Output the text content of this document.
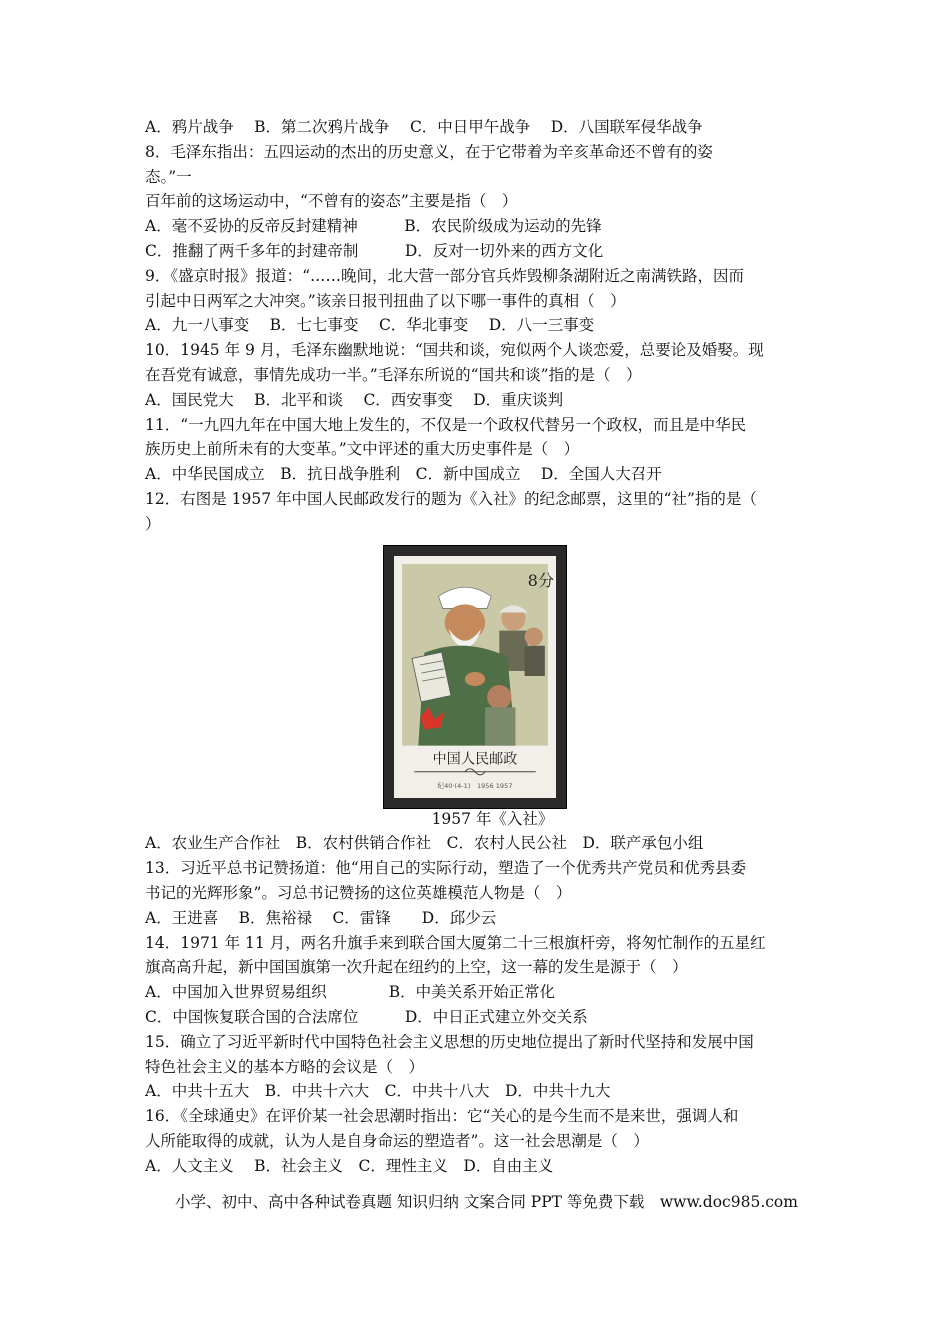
A．鸦片战争　 B．第二次鸦片战争　 C．中日甲午战争　 D．八国联军侵华战争
8．毛泽东指出：五四运动的杰出的历史意义，在于它带着为辛亥革命还不曾有的姿
态。”一
百年前的这场运动中，“不曾有的姿态”主要是指（　）
A．毫不妥协的反帝反封建精神　　　B．农民阶级成为运动的先锋
C．推翻了两千多年的封建帝制　　　D．反对一切外来的西方文化
9．《盛京时报》报道：“……晚间，北大营一部分官兵炸毁柳条湖附近之南满铁路，因而
引起中日两军之大冲突。”该亲日报刊扭曲了以下哪一事件的真相（　）
A．九一八事变　 B．七七事变　 C．华北事变　 D．八一三事变
10．1945 年 9 月，毛泽东幽默地说：“国共和谈，宛似两个人谈恋爱，总要论及婚娶。现
在吾党有诚意，事情先成功一半。”毛泽东所说的“国共和谈”指的是（　）
A．国民党大　 B．北平和谈　 C．西安事变　 D．重庆谈判
11．“一九四九年在中国大地上发生的，不仅是一个政权代替另一个政权，而且是中华民
族历史上前所未有的大变革。”文中评述的重大历史事件是（　）
A．中华民国成立　B．抗日战争胜利　C．新中国成立　 D．全国人大召开
12．右图是 1957 年中国人民邮政发行的题为《入社》的纪念邮票，这里的“社”指的是（
）
8分
中国人民邮政
纪40·(4-1)　1956 1957
1957 年《入社》
A．农业生产合作社　B．农村供销合作社　C．农村人民公社　D．联产承包小组
13．习近平总书记赞扬道：他“用自己的实际行动，塑造了一个优秀共产党员和优秀县委
书记的光辉形象”。习总书记赞扬的这位英雄模范人物是（　）
A．王进喜　 B．焦裕禄　 C．雷锋　　D．邱少云
14．1971 年 11 月，两名升旗手来到联合国大厦第二十三根旗杆旁，将匆忙制作的五星红
旗高高升起，新中国国旗第一次升起在纽约的上空，这一幕的发生是源于（　）
A．中国加入世界贸易组织　　　　B．中美关系开始正常化
C．中国恢复联合国的合法席位　　　D．中日正式建立外交关系
15．确立了习近平新时代中国特色社会主义思想的历史地位提出了新时代坚持和发展中国
特色社会主义的基本方略的会议是（　）
A．中共十五大　B．中共十六大　C．中共十八大　D．中共十九大
16．《全球通史》在评价某一社会思潮时指出：它“关心的是今生而不是来世，强调人和
人所能取得的成就，认为人是自身命运的塑造者”。这一社会思潮是（　）
A．人文主义　 B．社会主义　C．理性主义　D．自由主义
小学、初中、高中各种试卷真题 知识归纳 文案合同 PPT 等免费下载　www.doc985.com
